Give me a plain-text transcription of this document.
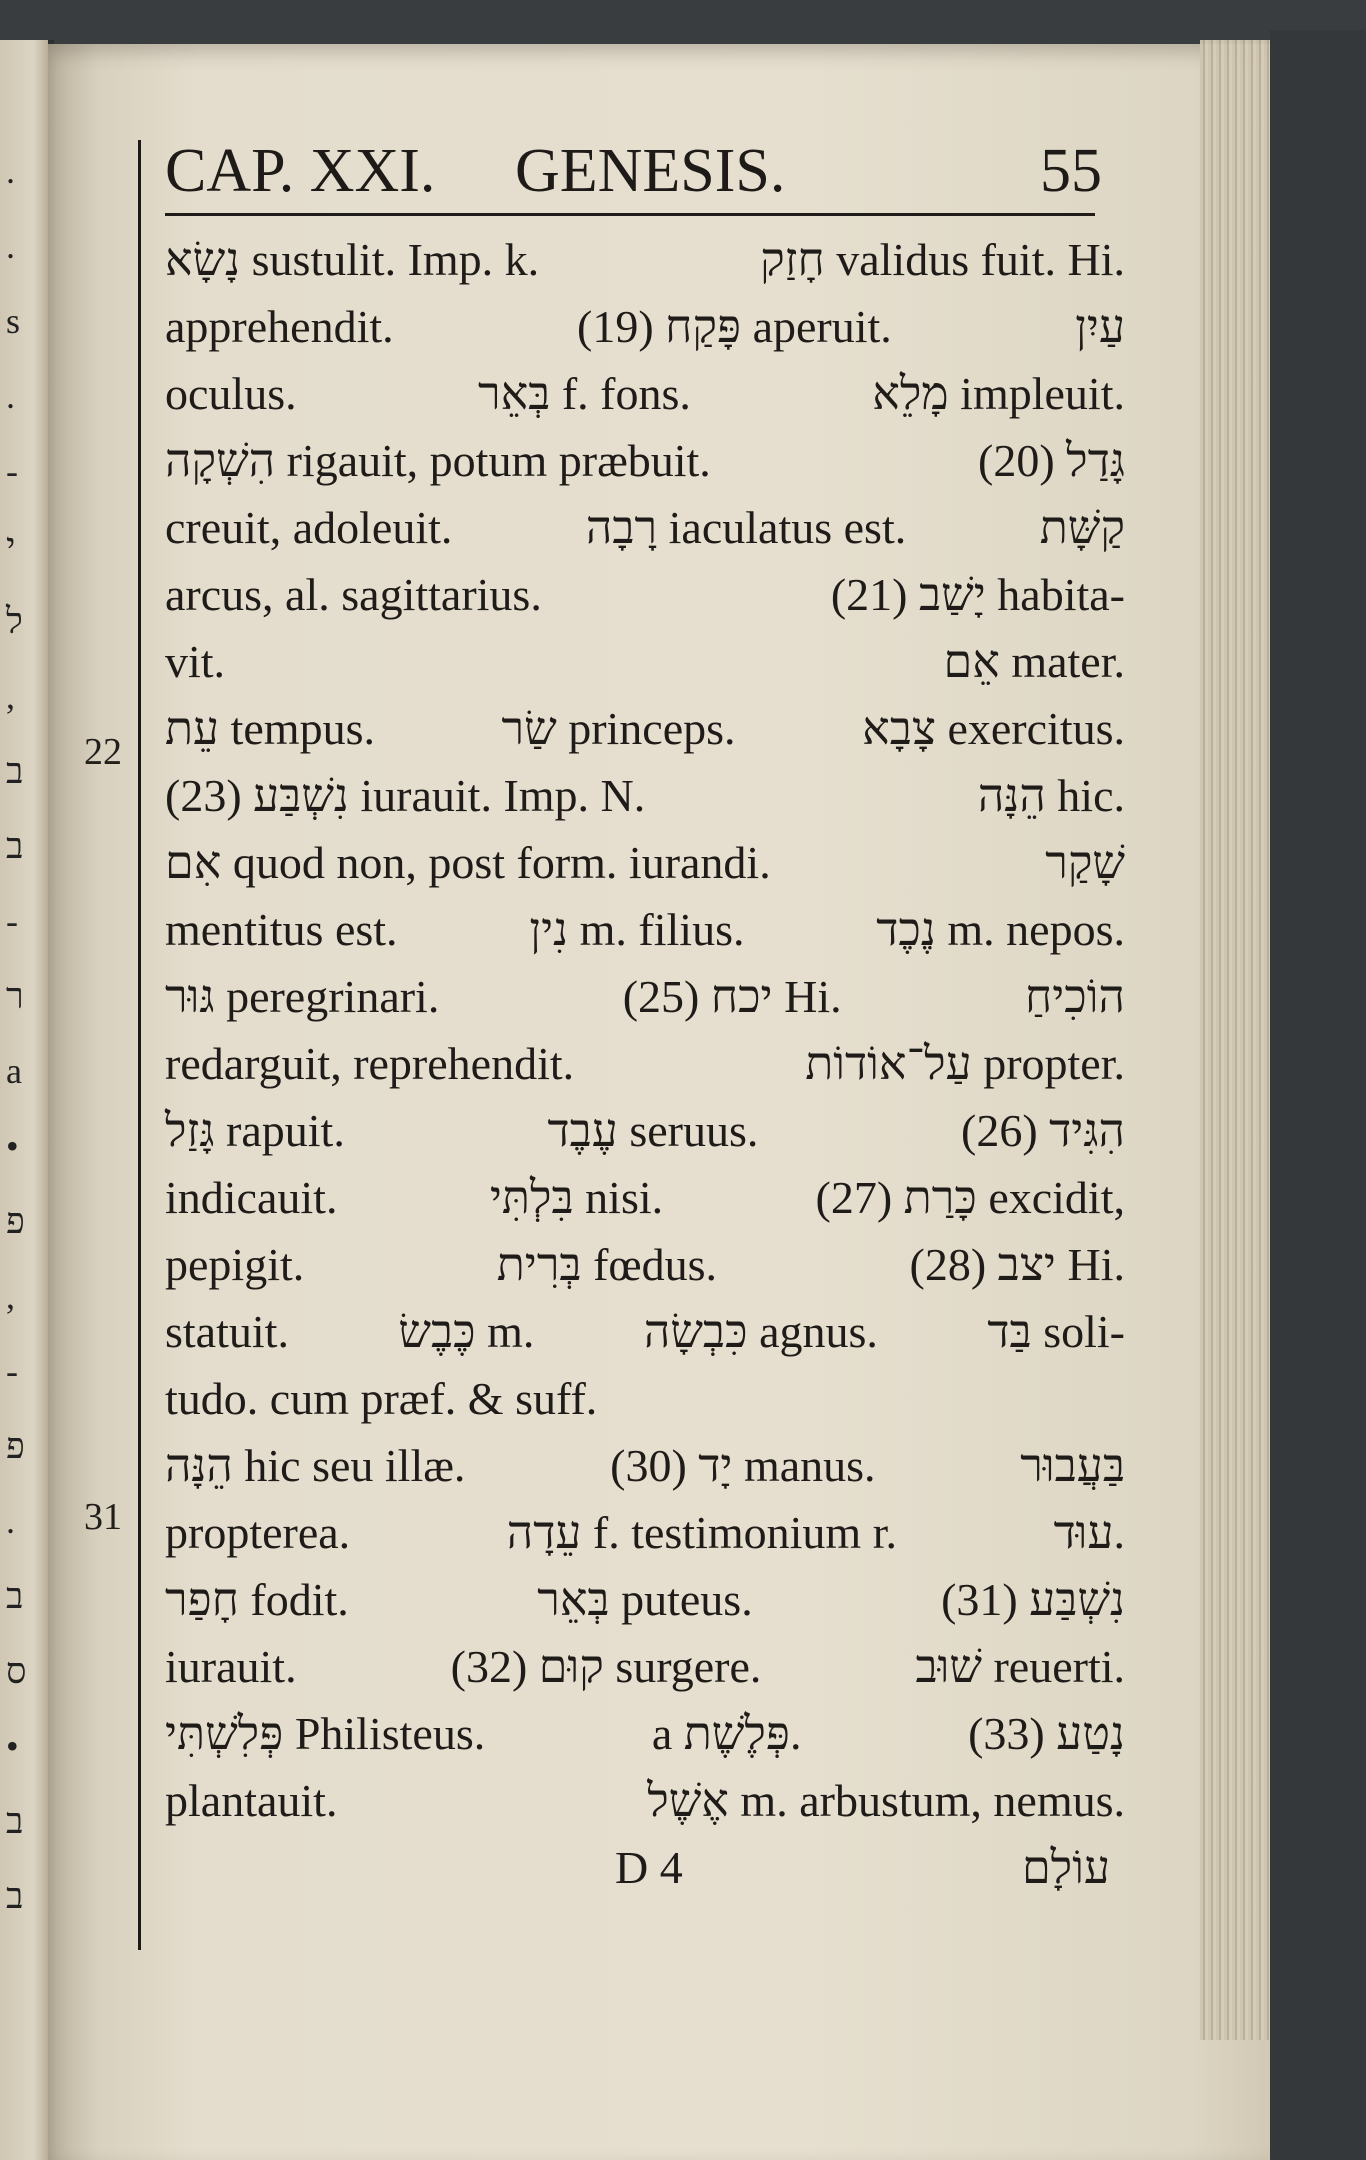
CAP. XXI. GENESIS.	55
22
31
.
.
s
.
-
י
ל
,
ב
ב
-
ר
a
•
פ
,
-
פ
.
ב
ס
•
ב
ב
נָשָׂא sustulit. Imp. k.	חָזַק validus fuit. Hi.
apprehendit.	(19) פָּקַח aperuit.	עַיִן
oculus.	בְּאֵר f. fons.	מָלֵא impleuit.
הִשְׁקָה rigauit, potum præbuit.	(20) גָּדַל
creuit, adoleuit.	רָבָה iaculatus est.	קַשָּׁת
arcus, al. sagittarius.	(21) יָשַׁב habita-
vit.	אֵם mater.
עֵת tempus.	שַׂר princeps.	צָבָא exercitus.
(23) נִשְׁבַּע iurauit. Imp. N.	הֵנָּה hic.
אִם quod non, post form. iurandi.	שָׁקַר
mentitus est.	נִין m. filius.	נֶכֶד m. nepos.
גּוּר peregrinari.	(25) יכח Hi.	הוֹכִיחַ
redarguit, reprehendit.	עַל־אוֹדוֹת propter.
גָּזַל rapuit.	עֶבֶד seruus.	(26) הִגִּיד
indicauit.	בִּלְתִּי nisi.	(27) כָּרַת excidit,
pepigit.	בְּרִית fœdus.	(28) יצב Hi.
statuit. כֶּבֶשׂ m. כִּבְשָׂה agnus. בַּד soli-
tudo. cum præf. & suff.
הֵנָּה hic seu illæ.	(30) יָד manus.	בַּעֲבוּר
propterea.	עֵדָה f. testimonium r.	עוּד.
חָפַר fodit.	בְּאֵר puteus.	(31) נִשְׁבַּע
iurauit.	(32) קוּם surgere.	שׁוּב reuerti.
פְּלִשְׁתִּי Philisteus.	a פְּלֶשֶׁת.	(33) נָטַע
plantauit.	אֶשֶׁל m. arbustum, nemus.
D 4	עוֹלָם
